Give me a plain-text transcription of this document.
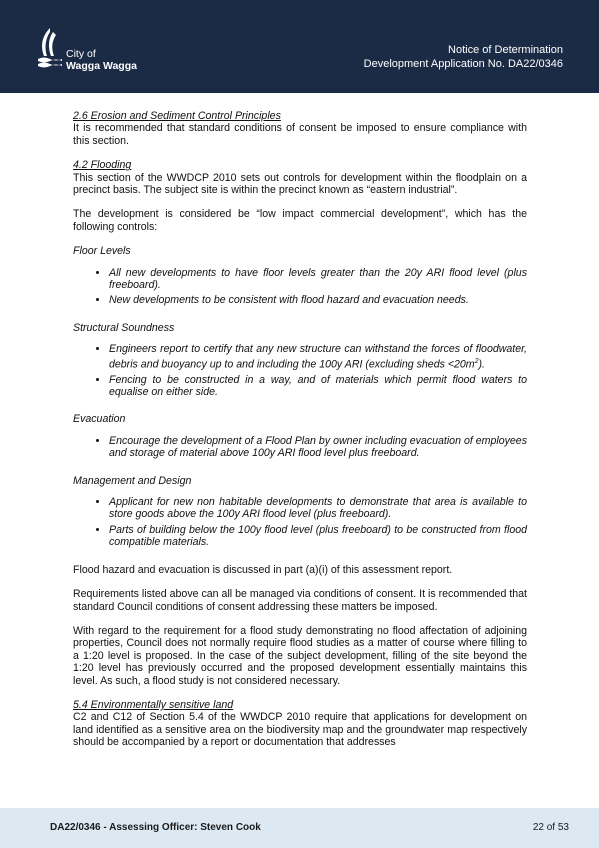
City of
Wagga Wagga
Notice of Determination
Development Application No. DA22/0346

2.6 Erosion and Sediment Control Principles

It is recommended that standard conditions of consent be imposed to ensure compliance with this section.

4.2 Flooding

This section of the WWDCP 2010 sets out controls for development within the floodplain on a precinct basis. The subject site is within the precinct known as “eastern industrial”.

The development is considered be “low impact commercial development”, which has the following controls:

Floor Levels

• All new developments to have floor levels greater than the 20y ARI flood level (plus freeboard).
• New developments to be consistent with flood hazard and evacuation needs.

Structural Soundness

• Engineers report to certify that any new structure can withstand the forces of floodwater, debris and buoyancy up to and including the 100y ARI (excluding sheds $<20m^2$).
• Fencing to be constructed in a way, and of materials which permit flood waters to equalise on either side.

Evacuation

• Encourage the development of a Flood Plan by owner including evacuation of employees and storage of material above 100y ARI flood level plus freeboard.

Management and Design

• Applicant for new non habitable developments to demonstrate that area is available to store goods above the 100y ARI flood level (plus freeboard).
• Parts of building below the 100y flood level (plus freeboard) to be constructed from flood compatible materials.

Flood hazard and evacuation is discussed in part (a)(i) of this assessment report.

Requirements listed above can all be managed via conditions of consent. It is recommended that standard Council conditions of consent addressing these matters be imposed.

With regard to the requirement for a flood study demonstrating no flood affectation of adjoining properties, Council does not normally require flood studies as a matter of course where filling to a 1:20 level is proposed. In the case of the subject development, filling of the site beyond the 1:20 level has previously occurred and the proposed development essentially maintains this level. As such, a flood study is not considered necessary.

5.4 Environmentally sensitive land

C2 and C12 of Section 5.4 of the WWDCP 2010 require that applications for development on land identified as a sensitive area on the biodiversity map and the groundwater map respectively should be accompanied by a report or documentation that addresses

DA22/0346 - Assessing Officer: Steven Cook	22 of 53
